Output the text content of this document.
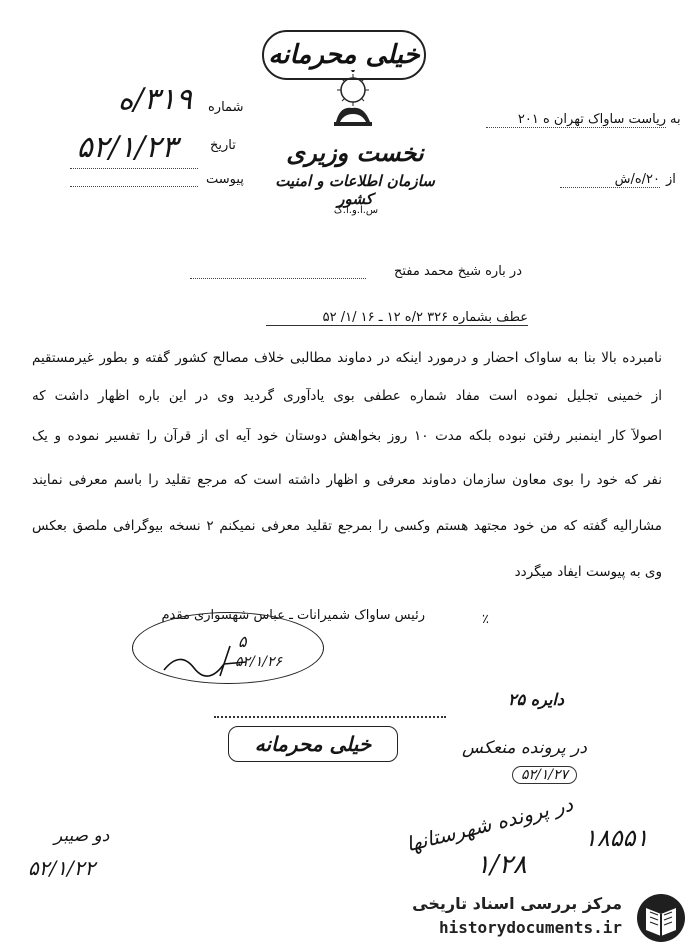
خیلی محرمانه
نخست وزیری
سازمان اطلاعات و امنیت کشور
س.ا.و.ا.ک
۳۱۹/ه شماره
۵۲/۱/۲۳	تاریخ
پیوست
به
ریاست ساواک تهران ه ۲۰۱
از
۲۰/ه/ش
در باره شیخ محمد مفتح
عطف بشماره ۳۲۶ ۲/ه ۱۲ ـ ۱۶ /۱/ ۵۲
نامبرده بالا بنا به ساواک احضار و درمورد اینکه در دماوند مطالبی خلاف مصالح کشور گفته و بطور غیرمستقیم
از خمینی تجلیل نموده است مفاد شماره عطفی بوی یادآوری گردید وی در این باره اظهار داشت که
اصولاً کار اینمنبر رفتن نبوده بلکه مدت ۱۰ روز بخواهش دوستان خود آیه ای از قرآن را تفسیر نموده و یک
نفر که خود را بوی معاون سازمان دماوند معرفی و اظهار داشته است که مرجع تقلید را باسم معرفی نمایند
مشارالیه گفته که من خود مجتهد هستم وکسی را بمرجع تقلید معرفی نمیکنم ۲ نسخه بیوگرافی ملصق بعکس
وی به پیوست ایفاد میگردد
٪
رئیس ساواک شمیرانات ـ عباس شهسواری مقدم
۵
۵۲/۱/۲۶
خیلی محرمانه
دایره ۲۵
در پرونده منعکس
۵۲/۱/۲۷
در پرونده شهرستانها ۱۸۵۵۱
۱/۲۸
دو صیبر
۵۲/۱/۲۲
مرکز بررسی اسناد تاریخی
historydocuments.ir
